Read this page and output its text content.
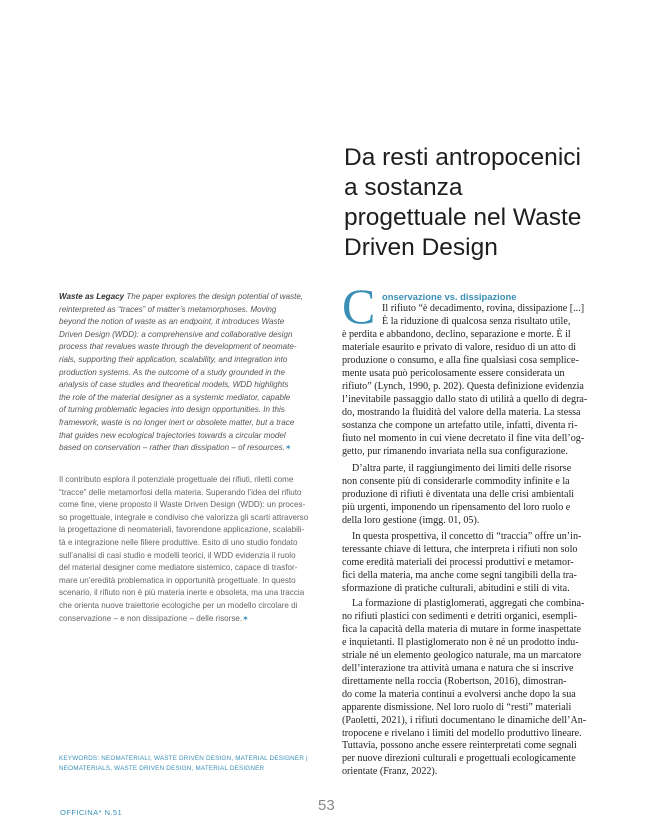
Da resti antropocenici
a sostanza
progettuale nel Waste
Driven Design
Waste as Legacy The paper explores the design potential of waste,
reinterpreted as “traces” of matter’s metamorphoses. Moving
beyond the notion of waste as an endpoint, it introduces Waste
Driven Design (WDD): a comprehensive and collaborative design
process that revalues waste through the development of neomate-
rials, supporting their application, scalability, and integration into
production systems. As the outcome of a study grounded in the
analysis of case studies and theoretical models, WDD highlights
the role of the material designer as a systemic mediator, capable
of turning problematic legacies into design opportunities. In this
framework, waste is no longer inert or obsolete matter, but a trace
that guides new ecological trajectories towards a circular model
based on conservation – rather than dissipation – of resources.✶
Il contributo esplora il potenziale progettuale dei rifiuti, riletti come
“tracce” delle metamorfosi della materia. Superando l’idea del rifiuto
come fine, viene proposto il Waste Driven Design (WDD): un proces-
so progettuale, integrale e condiviso che valorizza gli scarti attraverso
la progettazione di neomateriali, favorendone applicazione, scalabili-
tà e integrazione nelle filiere produttive. Esito di uno studio fondato
sull’analisi di casi studio e modelli teorici, il WDD evidenzia il ruolo
del material designer come mediatore sistemico, capace di trasfor-
mare un’eredità problematica in opportunità progettuale. In questo
scenario, il rifiuto non è più materia inerte e obsoleta, ma una traccia
che orienta nuove traiettorie ecologiche per un modello circolare di
conservazione – e non dissipazione – delle risorse.✶
C onservazione vs. dissipazione
Il rifiuto “è decadimento, rovina, dissipazione [...]
È la riduzione di qualcosa senza risultato utile,
è perdita e abbandono, declino, separazione e morte. È il
materiale esaurito e privato di valore, residuo di un atto di
produzione o consumo, e alla fine qualsiasi cosa semplice-
mente usata può pericolosamente essere considerata un
rifiuto” (Lynch, 1990, p. 202). Questa definizione evidenzia
l’inevitabile passaggio dallo stato di utilità a quello di degra-
do, mostrando la fluidità del valore della materia. La stessa
sostanza che compone un artefatto utile, infatti, diventa ri-
fiuto nel momento in cui viene decretato il fine vita dell’og-
getto, pur rimanendo invariata nella sua configurazione.
D’altra parte, il raggiungimento dei limiti delle risorse
non consente più di considerarle commodity infinite e la
produzione di rifiuti è diventata una delle crisi ambientali
più urgenti, imponendo un ripensamento del loro ruolo e
della loro gestione (imgg. 01, 05).
In questa prospettiva, il concetto di “traccia” offre un’in-
teressante chiave di lettura, che interpreta i rifiuti non solo
come eredità materiali dei processi produttivi e metamor-
fici della materia, ma anche come segni tangibili della tra-
sformazione di pratiche culturali, abitudini e stili di vita.
La formazione di plastiglomerati, aggregati che combina-
no rifiuti plastici con sedimenti e detriti organici, esempli-
fica la capacità della materia di mutare in forme inaspettate
e inquietanti. Il plastiglomerato non è né un prodotto indu-
striale né un elemento geologico naturale, ma un marcatore
dell’interazione tra attività umana e natura che si inscrive
direttamente nella roccia (Robertson, 2016), dimostran-
do come la materia continui a evolversi anche dopo la sua
apparente dismissione. Nel loro ruolo di “resti” materiali
(Paoletti, 2021), i rifiuti documentano le dinamiche dell’An-
tropocene e rivelano i limiti del modello produttivo lineare.
Tuttavia, possono anche essere reinterpretati come segnali
per nuove direzioni culturali e progettuali ecologicamente
orientate (Franz, 2022).
KEYWORDS: NEOMATERIALI, WASTE DRIVEN DESIGN, MATERIAL DESIGNER |
NEOMATERIALS, WASTE DRIVEN DESIGN, MATERIAL DESIGNER
OFFICINA* N.51	53
